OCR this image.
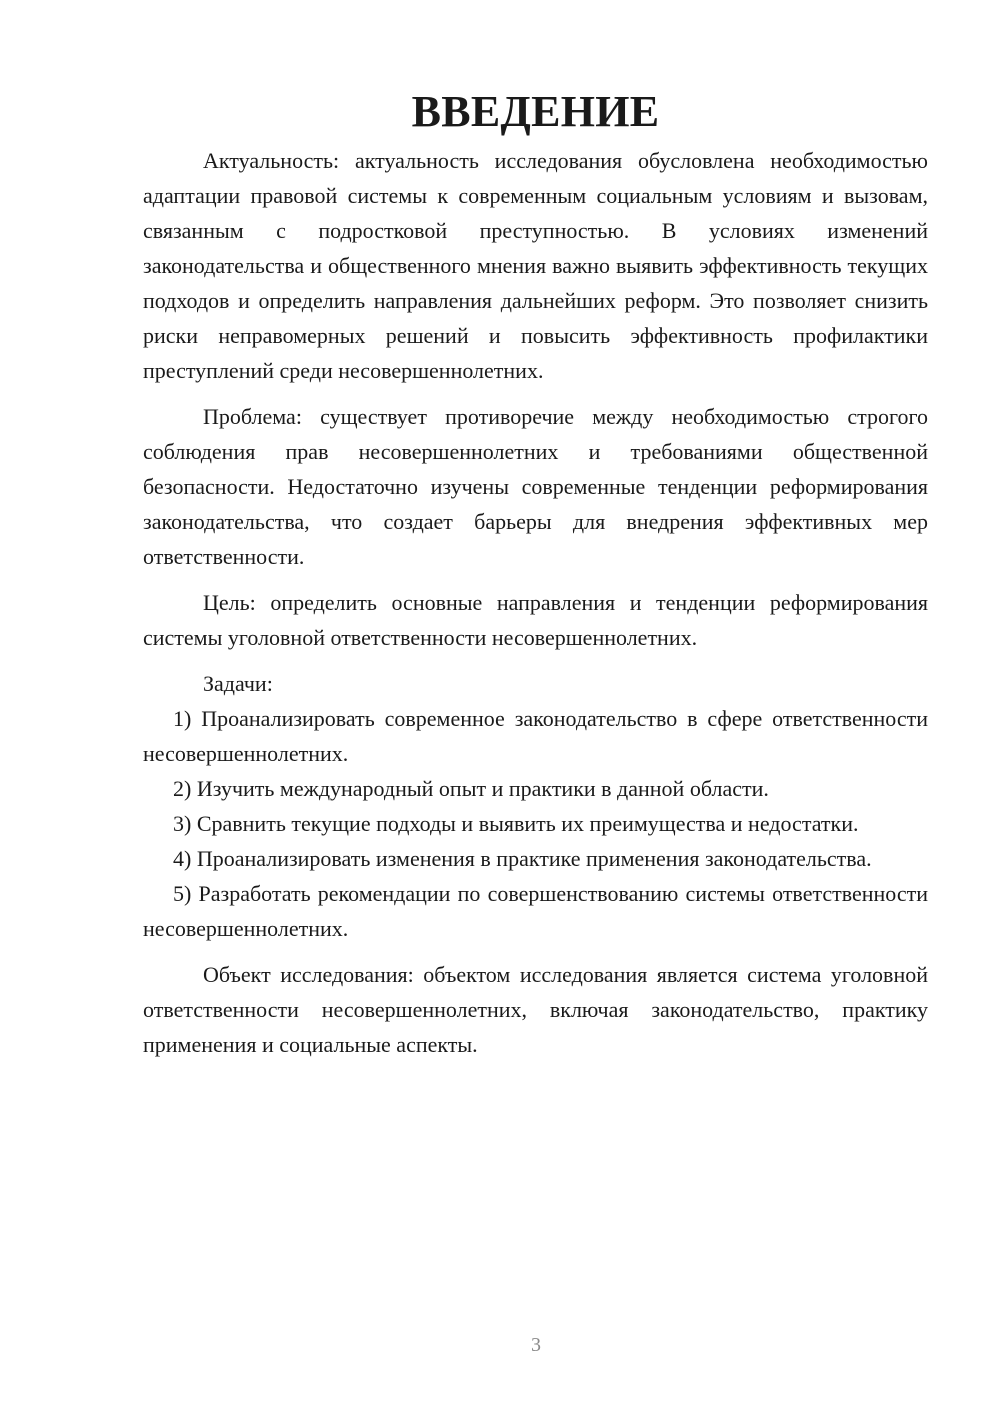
ВВЕДЕНИЕ

Актуальность: актуальность исследования обусловлена необходимостью адаптации правовой системы к современным социальным условиям и вызовам, связанным с подростковой преступностью. В условиях изменений законодательства и общественного мнения важно выявить эффективность текущих подходов и определить направления дальнейших реформ. Это позволяет снизить риски неправомерных решений и повысить эффективность профилактики преступлений среди несовершеннолетних.

Проблема: существует противоречие между необходимостью строгого соблюдения прав несовершеннолетних и требованиями общественной безопасности. Недостаточно изучены современные тенденции реформирования законодательства, что создает барьеры для внедрения эффективных мер ответственности.

Цель: определить основные направления и тенденции реформирования системы уголовной ответственности несовершеннолетних.

Задачи:

1) Проанализировать современное законодательство в сфере ответственности несовершеннолетних.

2) Изучить международный опыт и практики в данной области.

3) Сравнить текущие подходы и выявить их преимущества и недостатки.

4) Проанализировать изменения в практике применения законодательства.

5) Разработать рекомендации по совершенствованию системы ответственности несовершеннолетних.

Объект исследования: объектом исследования является система уголовной ответственности несовершеннолетних, включая законодательство, практику применения и социальные аспекты.

3
